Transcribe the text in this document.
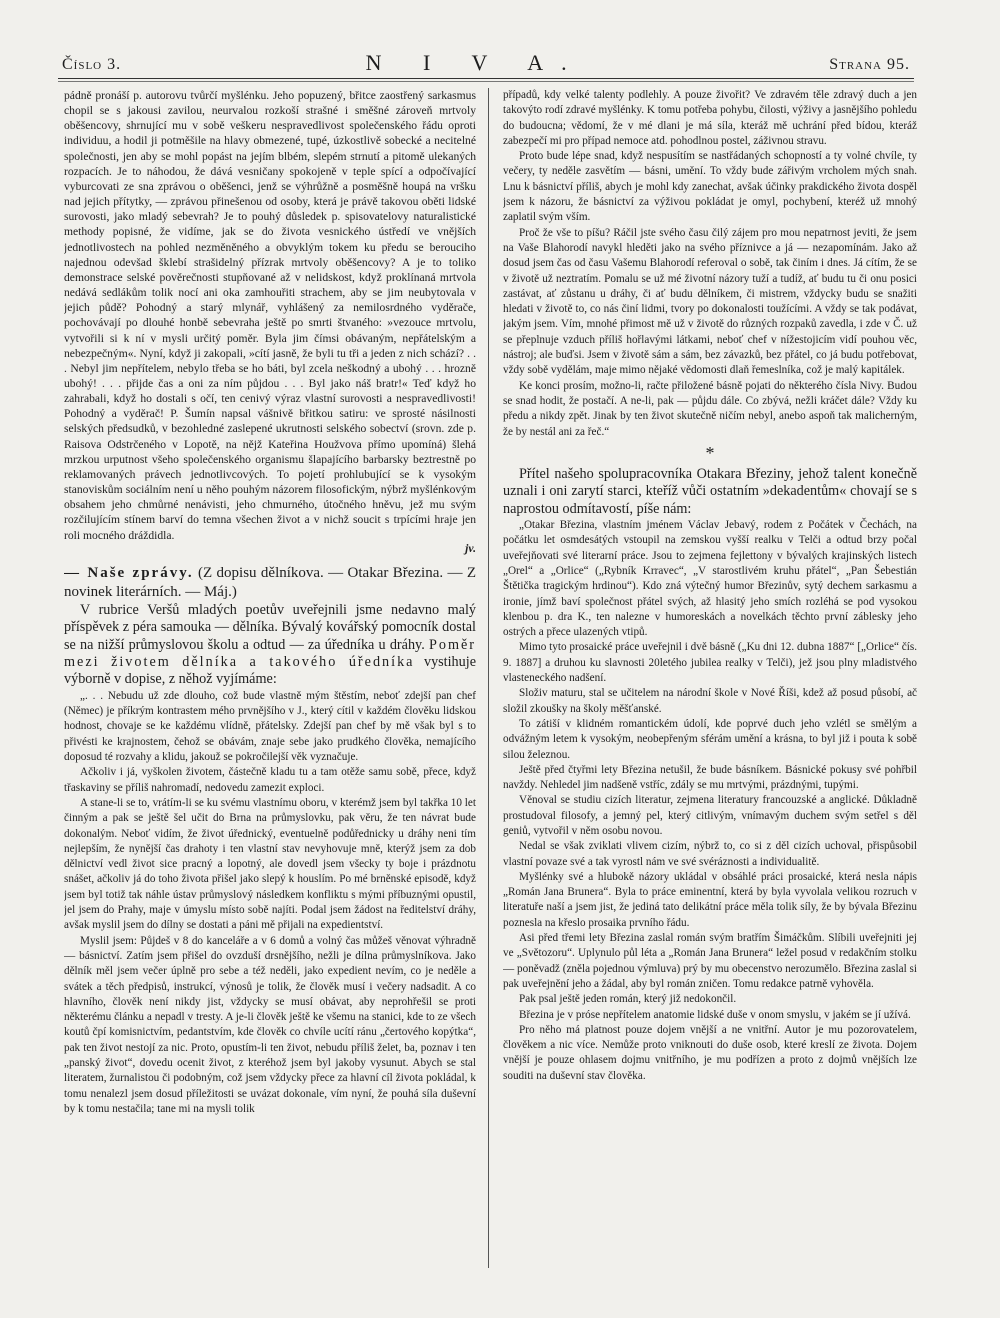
Číslo 3.	N I V A.	Strana 95.

pádně pronáší p. autorovu tvůrčí myšlénku. Jeho popuzený, břitce zaostřený sarkasmus chopil se s jakousi zavilou, neurvalou rozkoší strašné i směšné zároveň mrtvoly oběšencovy, shrnující mu v sobě veškeru nespravedlivost společenského řádu oproti individuu, a hodil ji potměšile na hlavy obmezené, tupé, úzkostlivě sobecké a necitelné společnosti, jen aby se mohl popást na jejím blbém, slepém strnutí a pitomě ulekaných rozpacích. Je to náhodou, že dává vesničany spokojeně v teple spící a odpočívající vyburcovati ze sna zprávou o oběšenci, jenž se výhrůžně a posměšně houpá na vršku nad jejich přítytky, — zprávou přinešenou od osoby, která je právě takovou oběti lidské surovosti, jako mladý sebevrah? Je to pouhý důsledek p. spisovatelovy naturalistické methody popisné, že vidíme, jak se do života vesnického ústředí ve vnějších jednotlivostech na pohled nezměněného a obvyklým tokem ku předu se berouciho najednou odevšad šklebí strašidelný přízrak mrtvoly oběšencovy? A je to toliko demonstrace selské pověrečnosti stupňované až v nelidskost, když proklínaná mrtvola nedává sedlákům tolik nocí ani oka zamhouřiti strachem, aby se jim neubytovala v jejich půdě? Pohodný a starý mlynář, vyhlášený za nemilosrdného vyděrače, pochovávají po dlouhé honbě sebevraha ještě po smrti štvaného: »vezouce mrtvolu, vytvořili si k ní v mysli určitý poměr. Byla jim čímsi obávaným, nepřátelským a nebezpečným«. Nyní, když ji zakopali, »cítí jasně, že byli tu tři a jeden z nich schází? . . . Nebyl jim nepřítelem, nebylo třeba se ho báti, byl zcela neškodný a ubohý . . . hrozně ubohý! . . . přijde čas a oni za ním půjdou . . . Byl jako náš bratr!« Teď když ho zahrabali, když ho dostali s očí, ten cenivý výraz vlastní surovosti a nespravedlivosti! Pohodný a vyděrač! P. Šumín napsal vášnivě břitkou satiru: ve sprosté násilnosti selských předsudků, v bezohledné zaslepené ukrutnosti selského sobectví (srovn. zde p. Raisova Odstrčeného v Lopotě, na nějž Kateřina Houžvova přímo upomíná) šlehá mrzkou urputnost všeho společenského organismu šlapajícího barbarsky beztrestně po reklamovaných právech jednotlivcových. To pojetí prohlubující se k vysokým stanoviskům sociálním není u něho pouhým názorem filosofickým, nýbrž myšlénkovým obsahem jeho chmůrné nenávisti, jeho chmurného, útočného hněvu, jež mu svým rozčilujícím stínem barví do temna všechen život a v nichž soucit s trpícími hraje jen roli mocného dráždidla.

jv.
— Naše zprávy. (Z dopisu dělníkova. — Otakar Březina. — Z novinek literárních. — Máj.)

V rubrice Veršů mladých poetův uveřejnili jsme nedavno malý příspěvek z péra samouka — dělníka. Bývalý kovářský pomocník dostal se na nižší průmyslovou školu a odtud — za úředníka u dráhy. Poměr mezi životem dělníka a takového úředníka vystihuje výborně v dopise, z něhož vyjímáme:

„. . . Nebudu už zde dlouho, což bude vlastně mým štěstím, neboť zdejší pan chef (Němec) je příkrým kontrastem mého prvnějšího v J., který cítil v každém člověku lidskou hodnost, chovaje se ke každému vlídně, přátelsky. Zdejší pan chef by mě však byl s to přivésti ke krajnostem, čehož se obávám, znaje sebe jako prudkého člověka, nemajícího doposud té rozvahy a klidu, jakouž se pokročilejší věk vyznačuje.

Ačkoliv i já, vyškolen životem, částečně kladu tu a tam otěže samu sobě, přece, když třaskaviny se příliš nahromadí, nedovedu zamezit exploci.

A stane-li se to, vrátím-li se ku svému vlastnímu oboru, v kterémž jsem byl takřka 10 let činným a pak se ještě šel učit do Brna na průmyslovku, pak věru, že ten návrat bude dokonalým. Neboť vidím, že život úřednický, eventuelně podůřednicky u dráhy neni tím nejlepším, že nynější čas drahoty i ten vlastní stav nevyhovuje mně, kterýž jsem za dob dělnictví vedl život sice pracný a lopotný, ale dovedl jsem všecky ty boje i prázdnotu snášet, ačkoliv já do toho života přišel jako slepý k houslím. Po mé brněnské episodě, když jsem byl totiž tak náhle ústav průmyslový následkem konfliktu s mými příbuznými opustil, jel jsem do Prahy, maje v úmyslu místo sobě najíti. Podal jsem žádost na ředitelství dráhy, avšak myslil jsem do dílny se dostati a páni mě přijali na expedientství.

Myslil jsem: Půjdeš v 8 do kanceláře a v 6 domů a volný čas můžeš věnovat výhradně — básnictví. Zatím jsem přišel do ovzduší drsnějšího, nežli je dílna průmyslníkova. Jako dělník měl jsem večer úplně pro sebe a též neděli, jako expedient nevím, co je neděle a svátek a těch předpisů, instrukcí, výnosů je tolik, že člověk musí i večery nadsadit. A co hlavního, člověk není nikdy jist, vždycky se musí obávat, aby neprohřešil se proti některému článku a nepadl v tresty. A je-li člověk ještě ke všemu na stanici, kde to ze všech koutů čpí komisnictvím, pedantstvím, kde člověk co chvíle ucítí ránu „čertového kopýtka“, pak ten život nestojí za nic. Proto, opustím-li ten život, nebudu příliš želet, ba, poznav i ten „panský život“, dovedu ocenit život, z kteréhož jsem byl jakoby vysunut. Abych se stal literatem, žurnalistou či podobným, což jsem vždycky přece za hlavní cíl života pokládal, k tomu nenalezl jsem dosud příležitosti se uvázat dokonale, vím nyní, že pouhá síla duševní by k tomu nestačila; tane mi na mysli tolik

případů, kdy velké talenty podlehly. A pouze živořit? Ve zdravém těle zdravý duch a jen takovýto rodí zdravé myšlénky. K tomu potřeba pohybu, čilosti, výživy a jasnějšího pohledu do budoucna; vědomí, že v mé dlani je má síla, kteráž mě uchrání před bídou, kteráž zabezpečí mi pro případ nemoce atd. pohodlnou postel, záživnou stravu.

Proto bude lépe snad, když nespusítím se nastřádaných schopností a ty volné chvíle, ty večery, ty neděle zasvětím — básni, umění. To vždy bude zářivým vrcholem mých snah. Lnu k básnictví příliš, abych je mohl kdy zanechat, avšak účinky prakdického života dospěl jsem k názoru, že básnictví za výživou pokládat je omyl, pochybení, kteréž už mnohý zaplatil svým vším.

Proč že vše to píšu? Ráčil jste svého času čilý zájem pro mou nepatrnost jeviti, že jsem na Vaše Blahorodí navykl hleděti jako na svého příznivce a já — nezapomínám. Jako až dosud jsem čas od času Vašemu Blahorodí referoval o sobě, tak činím i dnes. Já cítím, že se v životě už neztratím. Pomalu se už mé životní názory tuží a tudíž, ať budu tu či onu posici zastávat, ať zůstanu u dráhy, či ať budu dělníkem, či mistrem, vždycky budu se snažiti hledati v životě to, co nás činí lidmi, tvory po dokonalosti toužícími. A vždy se tak podávat, jakým jsem. Vím, mnohé přimost mě už v životě do různých rozpaků zavedla, i zde v Č. už se přeplnuje vzduch příliš hořlavými látkami, neboť chef v nížestojicím vidí pouhou věc, nástroj; ale buďsi. Jsem v životě sám a sám, bez závazků, bez přátel, co já budu potřebovat, vždy sobě vydělám, maje mimo nějaké vědomosti dlaň řemeslníka, což je malý kapitálek.

Ke konci prosím, možno-li, račte přiložené básně pojati do některého čísla Nivy. Budou se snad hodit, že postačí. A ne-li, pak — půjdu dále. Co zbývá, nežli kráčet dále? Vždy ku předu a nikdy zpět. Jinak by ten život skutečně ničím nebyl, anebo aspoň tak malicherným, že by nestál ani za řeč.“

*

Přítel našeho spolupracovníka Otakara Březiny, jehož talent konečně uznali i oni zarytí starci, kteříž vůči ostatním »dekadentům« chovají se s naprostou odmítavostí, píše nám:

„Otakar Březina, vlastním jménem Václav Jebavý, rodem z Počátek v Čechách, na počátku let osmdesátých vstoupil na zemskou vyšší realku v Telči a odtud brzy počal uveřejňovati své literarní práce. Jsou to zejmena fejlettony v bývalých krajinských listech „Orel“ a „Orlice“ („Rybník Krravec“, „V starostlivém kruhu přátel“, „Pan Šebestián Štětička tragickým hrdinou“). Kdo zná výtečný humor Březinův, sytý dechem sarkasmu a ironie, jímž baví společnost přátel svých, až hlasitý jeho smích rozléhá se pod vysokou klenbou p. dra K., ten nalezne v humoreskách a novelkách těchto první záblesky jeho ostrých a přece ulazených vtipů.

Mimo tyto prosaické práce uveřejnil i dvě básně („Ku dni 12. dubna 1887“ [„Orlice“ čís. 9. 1887] a druhou ku slavnosti 20letého jubilea realky v Telči), jež jsou plny mladistvého vlasteneckého nadšení.

Složiv maturu, stal se učitelem na národní škole v Nové Říši, kdež až posud působí, ač složil zkoušky na školy měšťanské.

To zátiší v klidném romantickém údolí, kde poprvé duch jeho vzlétl se smělým a odvážným letem k vysokým, neobepřeným sférám umění a krásna, to byl již i pouta k sobě silou železnou.

Ještě před čtyřmi lety Březina netušil, že bude básníkem. Básnické pokusy své pohřbil navždy. Nehledel jim nadšeně vstříc, zdály se mu mrtvými, prázdnými, tupými.

Věnoval se studiu cizích literatur, zejmena literatury francouzské a anglické. Důkladně prostudoval filosofy, a jemný pel, který citlivým, vnímavým duchem svým setřel s děl geniů, vytvořil v něm osobu novou.

Nedal se však zviklati vlivem cizím, nýbrž to, co si z děl cizích uchoval, přispůsobil vlastní povaze své a tak vyrostl nám ve své svéráznosti a individualitě.

Myšlénky své a hlubokě názory ukládal v obsáhlé práci prosaické, která nesla nápis „Román Jana Brunera“. Byla to práce eminentní, která by byla vyvolala velikou rozruch v literatuře naší a jsem jist, že jediná tato delikátní práce měla tolik síly, že by bývala Březinu poznesla na křeslo prosaika prvního řádu.

Asi před třemi lety Březina zaslal román svým bratřím Šimáčkům. Slíbili uveřejniti jej ve „Světozoru“. Uplynulo půl léta a „Román Jana Brunera“ ležel posud v redakčním stolku — poněvadž (zněla pojednou výmluva) prý by mu obecenstvo nerozumělo. Březina zaslal si pak uveřejnění jeho a žádal, aby byl román zničen. Tomu redakce patrně vyhověla.

Pak psal ještě jeden román, který již nedokončil.

Březina je v próse nepřítelem anatomie lidské duše v onom smyslu, v jakém se jí užívá.

Pro něho má platnost pouze dojem vnější a ne vnitřní. Autor je mu pozorovatelem, člověkem a nic více. Nemůže proto vniknouti do duše osob, které kreslí ze života. Dojem vnější je pouze ohlasem dojmu vnitřního, je mu podřízen a proto z dojmů vnějších lze souditi na duševní stav člověka.
